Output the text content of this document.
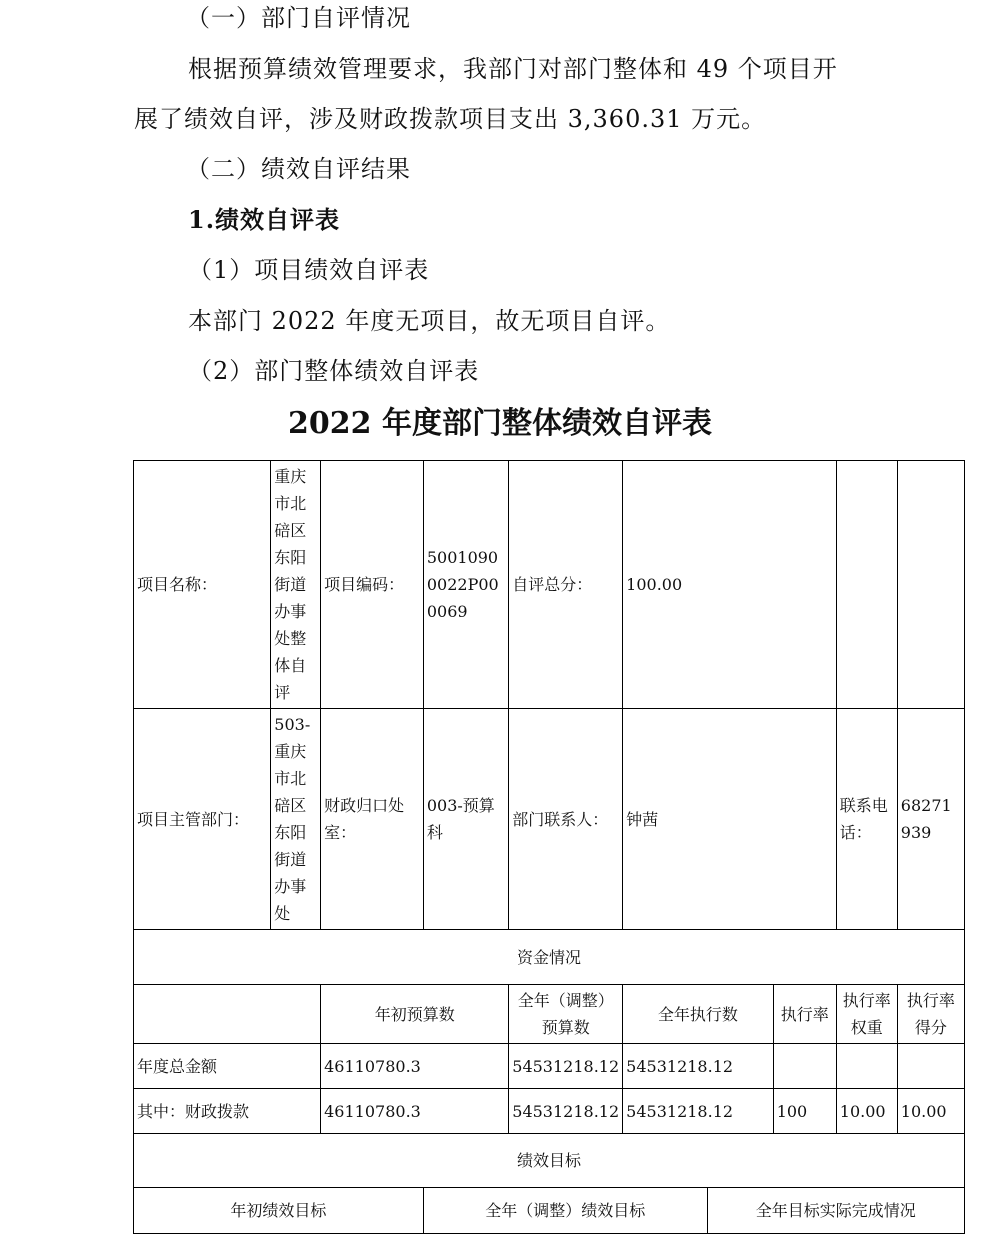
（一）部门自评情况
根据预算绩效管理要求，我部门对部门整体和 49 个项目开
展了绩效自评，涉及财政拨款项目支出 3,360.31 万元。
（二）绩效自评结果
1.绩效自评表
（1）项目绩效自评表
本部门 2022 年度无项目，故无项目自评。
（2）部门整体绩效自评表
2022 年度部门整体绩效自评表
项目名称：	重庆市北碚区东阳街道办事处整体自评	项目编码：	50010900022P000069	自评总分：	100.00				
项目主管部门：	503-重庆市北碚区东阳街道办事处	财政归口处室：	003-预算科	部门联系人：	钟茜			联系电话：	68271939
资金情况									
		年初预算数		全年（调整）预算数	全年执行数		执行率	执行率权重	执行率得分
年度总金额		46110780.3		54531218.12	54531218.12				
其中：财政拨款		46110780.3		54531218.12	54531218.12		100	10.00	10.00
绩效目标									
年初绩效目标			全年（调整）绩效目标			全年目标实际完成情况			
